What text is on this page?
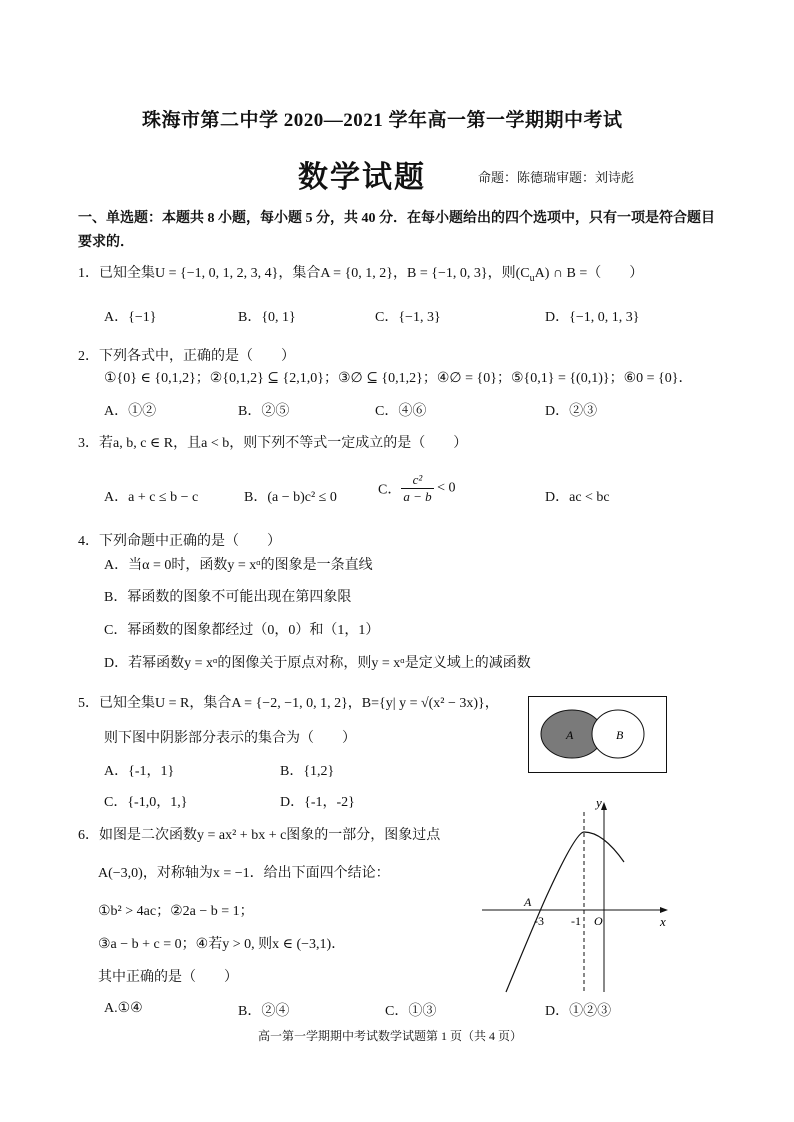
珠海市第二中学 2020—2021 学年高一第一学期期中考试
数学试题	命题：陈德瑞审题：刘诗彪
一、单选题：本题共 8 小题，每小题 5 分，共 40 分．在每小题给出的四个选项中，只有一项是符合题目要求的．
1．已知全集U = {−1, 0, 1, 2, 3, 4}，集合A = {0, 1, 2}，B = {−1, 0, 3}，则$(C_uA)$ ∩ B =（　　）
A．{−1}	B．{0, 1}	C．{−1, 3}	D．{−1, 0, 1, 3}
2．下列各式中，正确的是（　　）
①{0} ∈ {0,1,2}；②{0,1,2} ⊆ {2,1,0}；③∅ ⊆ {0,1,2}；④∅ = {0}；⑤{0,1} = {(0,1)}；⑥0 = {0}．
A．①②	B．②⑤	C．④⑥	D．②③
3．若a, b, c ∈ R，且a < b，则下列不等式一定成立的是（　　）
A．a + c ≤ b − c	B．(a − b)c² ≤ 0	C． $\frac{\text{c²}}{a - b} < 0$
D．ac < bc
4．下列命题中正确的是（　　）
A．当α = 0时，函数y = xᵅ的图象是一条直线
B．幂函数的图象不可能出现在第四象限
C．幂函数的图象都经过（0，0）和（1，1）
D．若幂函数y = xᵅ的图像关于原点对称，则y = xᵅ是定义域上的减函数
5．已知全集U = R，集合A = {−2, −1, 0, 1, 2}，B={y| y = √(x² − 3x)}，
则下图中阴影部分表示的集合为（　　）
A．{-1，1}	B．{1,2}
C．{-1,0，1,}	D．{-1，-2}
A	B
6．如图是二次函数y = ax² + bx + c图象的一部分，图象过点
A(−3,0)，对称轴为x = −1．给出下面四个结论：
①b² > 4ac；②2a − b = 1；
③a − b + c = 0；④若y > 0, 则x ∈ (−3,1)．
其中正确的是（　　）
A.①④	B．②④	C．①③	D．①②③
y
x
A
-3 -1 O
高一第一学期期中考试数学试题第 1 页（共 4 页）
